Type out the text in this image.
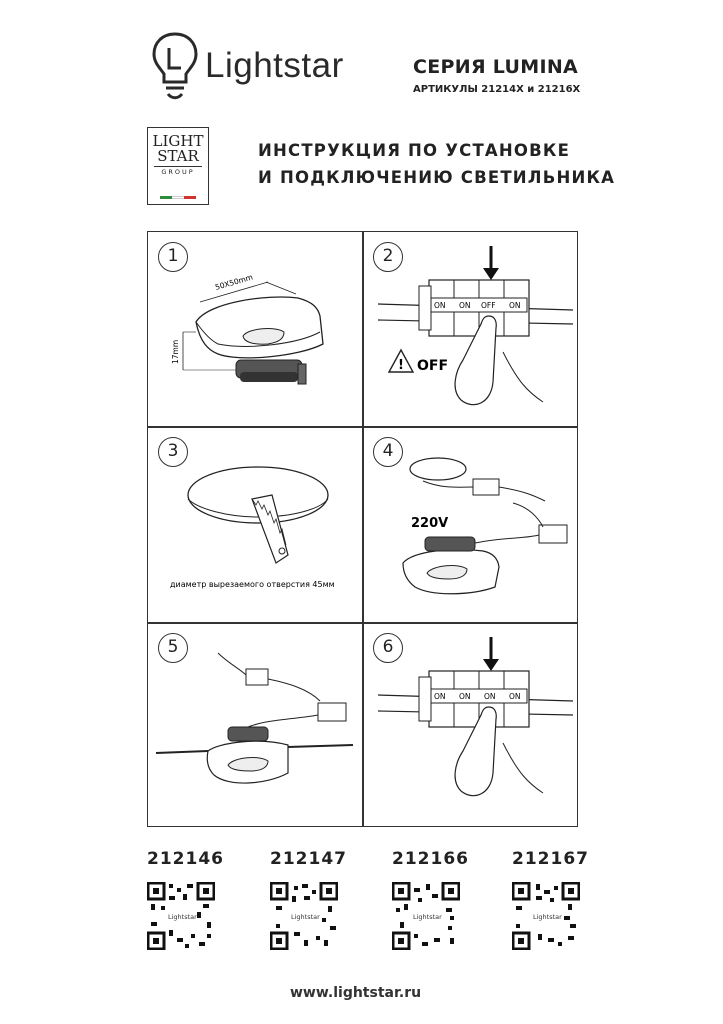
Lightstar	СЕРИЯ LUMINA
АРТИКУЛЫ 21214X и 21216X
LIGHT
STAR
GROUP
ИНСТРУКЦИЯ ПО УСТАНОВКЕ
И ПОДКЛЮЧЕНИЮ СВЕТИЛЬНИКА
1
50X50mm
17mm
2
ON ON OFF ON
! OFF
3
диаметр вырезаемого отверстия 45мм
4
220V
5	6
ON ON ON ON
212146	212147	212166	212167
Lightstar	Lightstar	Lightstar	Lightstar
www.lightstar.ru
